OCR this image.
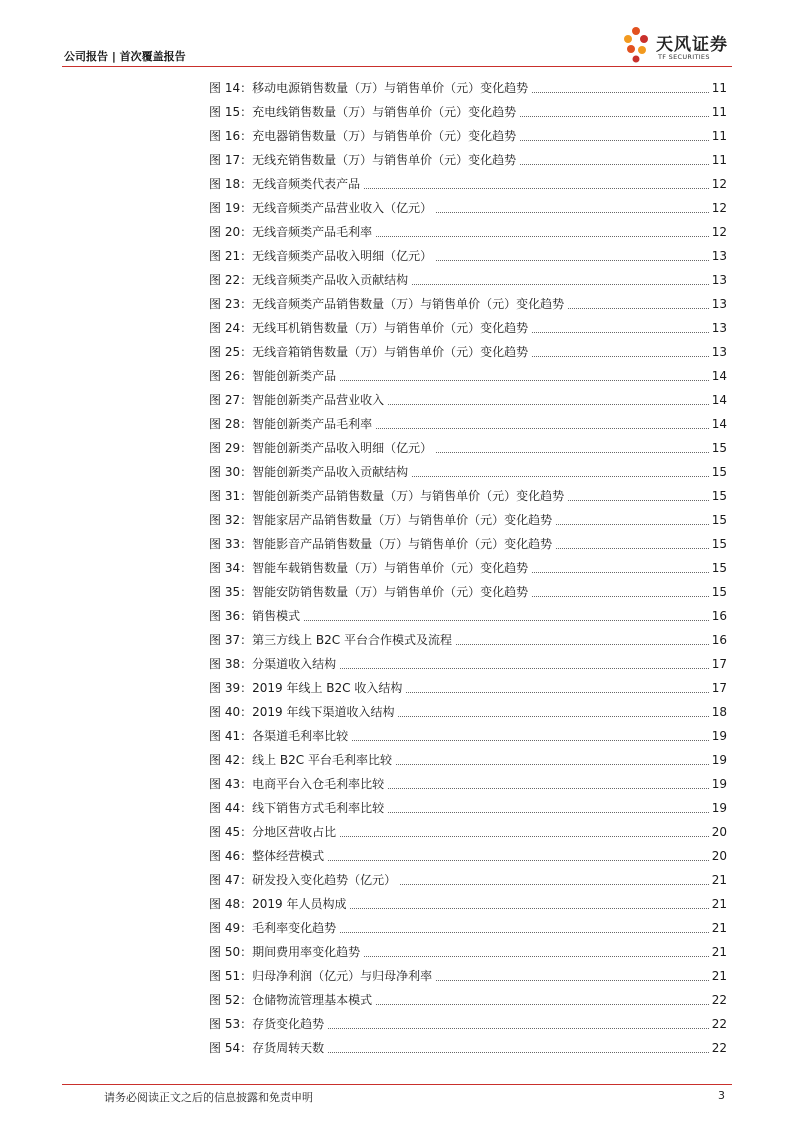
公司报告 | 首次覆盖报告
天风证券
TF SECURITIES
图 14：移动电源销售数量（万）与销售单价（元）变化趋势	11
图 15：充电线销售数量（万）与销售单价（元）变化趋势	11
图 16：充电器销售数量（万）与销售单价（元）变化趋势	11
图 17：无线充销售数量（万）与销售单价（元）变化趋势	11
图 18：无线音频类代表产品	12
图 19：无线音频类产品营业收入（亿元）	12
图 20：无线音频类产品毛利率	12
图 21：无线音频类产品收入明细（亿元）	13
图 22：无线音频类产品收入贡献结构	13
图 23：无线音频类产品销售数量（万）与销售单价（元）变化趋势	13
图 24：无线耳机销售数量（万）与销售单价（元）变化趋势	13
图 25：无线音箱销售数量（万）与销售单价（元）变化趋势	13
图 26：智能创新类产品	14
图 27：智能创新类产品营业收入	14
图 28：智能创新类产品毛利率	14
图 29：智能创新类产品收入明细（亿元）	15
图 30：智能创新类产品收入贡献结构	15
图 31：智能创新类产品销售数量（万）与销售单价（元）变化趋势	15
图 32：智能家居产品销售数量（万）与销售单价（元）变化趋势	15
图 33：智能影音产品销售数量（万）与销售单价（元）变化趋势	15
图 34：智能车载销售数量（万）与销售单价（元）变化趋势	15
图 35：智能安防销售数量（万）与销售单价（元）变化趋势	15
图 36：销售模式	16
图 37：第三方线上 B2C 平台合作模式及流程	16
图 38：分渠道收入结构	17
图 39：2019 年线上 B2C 收入结构	17
图 40：2019 年线下渠道收入结构	18
图 41：各渠道毛利率比较	19
图 42：线上 B2C 平台毛利率比较	19
图 43：电商平台入仓毛利率比较	19
图 44：线下销售方式毛利率比较	19
图 45：分地区营收占比	20
图 46：整体经营模式	20
图 47：研发投入变化趋势（亿元）	21
图 48：2019 年人员构成	21
图 49：毛利率变化趋势	21
图 50：期间费用率变化趋势	21
图 51：归母净利润（亿元）与归母净利率	21
图 52：仓储物流管理基本模式	22
图 53：存货变化趋势	22
图 54：存货周转天数	22
请务必阅读正文之后的信息披露和免责申明	3
